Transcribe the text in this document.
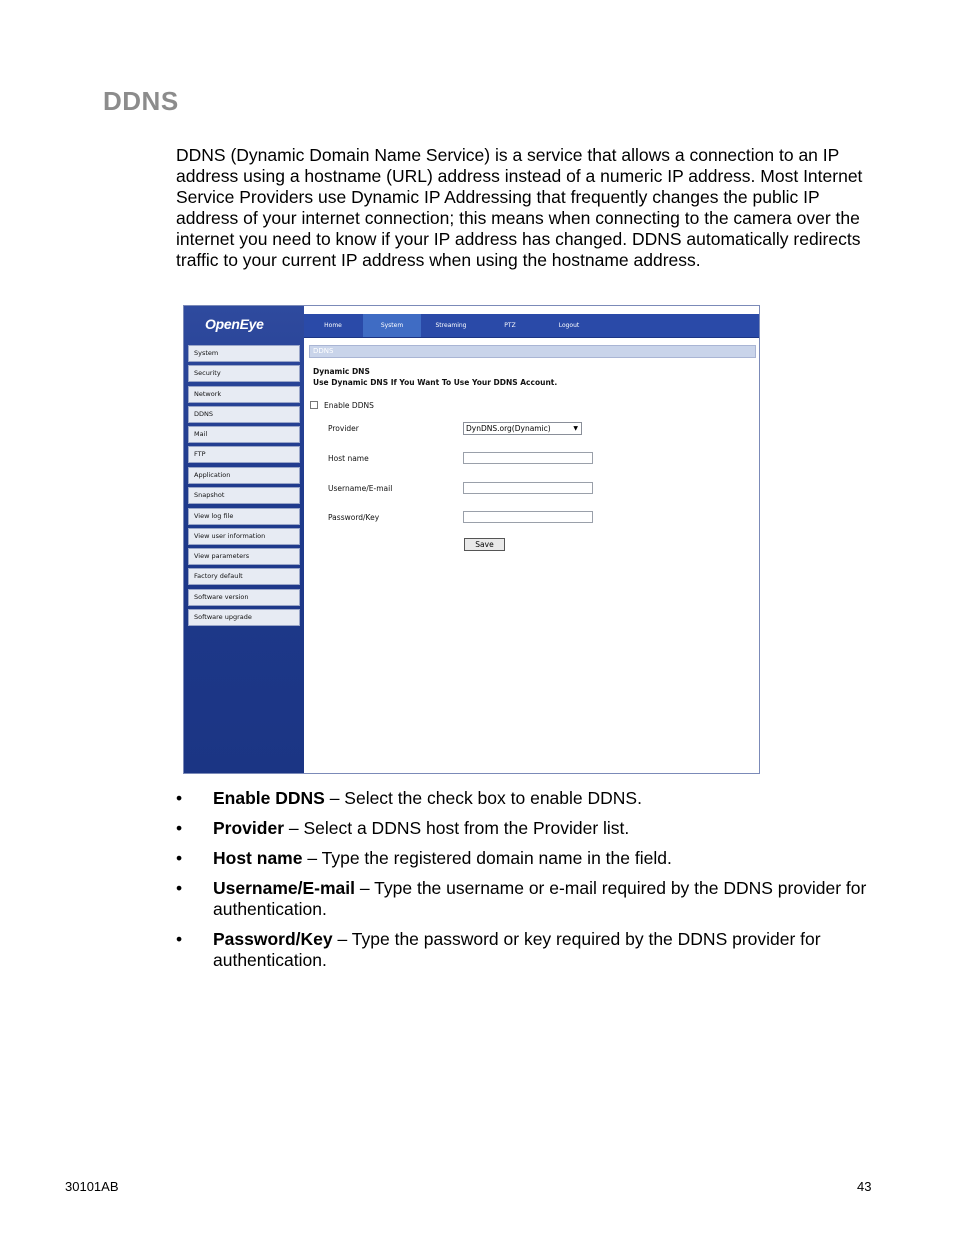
DDNS

DDNS (Dynamic Domain Name Service) is a service that allows a connection to an IP address using a hostname (URL) address instead of a numeric IP address. Most Internet Service Providers use Dynamic IP Addressing that frequently changes the public IP address of your internet connection; this means when connecting to the camera over the internet you need to know if your IP address has changed. DDNS automatically redirects traffic to your current IP address when using the hostname address.

OpenEye
System
Security
Network
DDNS
Mail
FTP
Application
Snapshot
View log file
View user information
View parameters
Factory default
Software version
Software upgrade
Home	System	Streaming	PTZ	Logout
DDNS
Dynamic DNS
Use Dynamic DNS If You Want To Use Your DDNS Account.
Enable DDNS
Provider	DynDNS.org(Dynamic)	▼
Host name
Username/E-mail
Password/Key
Save
• Enable DDNS – Select the check box to enable DDNS.
• Provider – Select a DDNS host from the Provider list.
• Host name – Type the registered domain name in the field.
• Username/E-mail – Type the username or e-mail required by the DDNS provider for authentication.
• Password/Key – Type the password or key required by the DDNS provider for authentication.
30101AB	43
